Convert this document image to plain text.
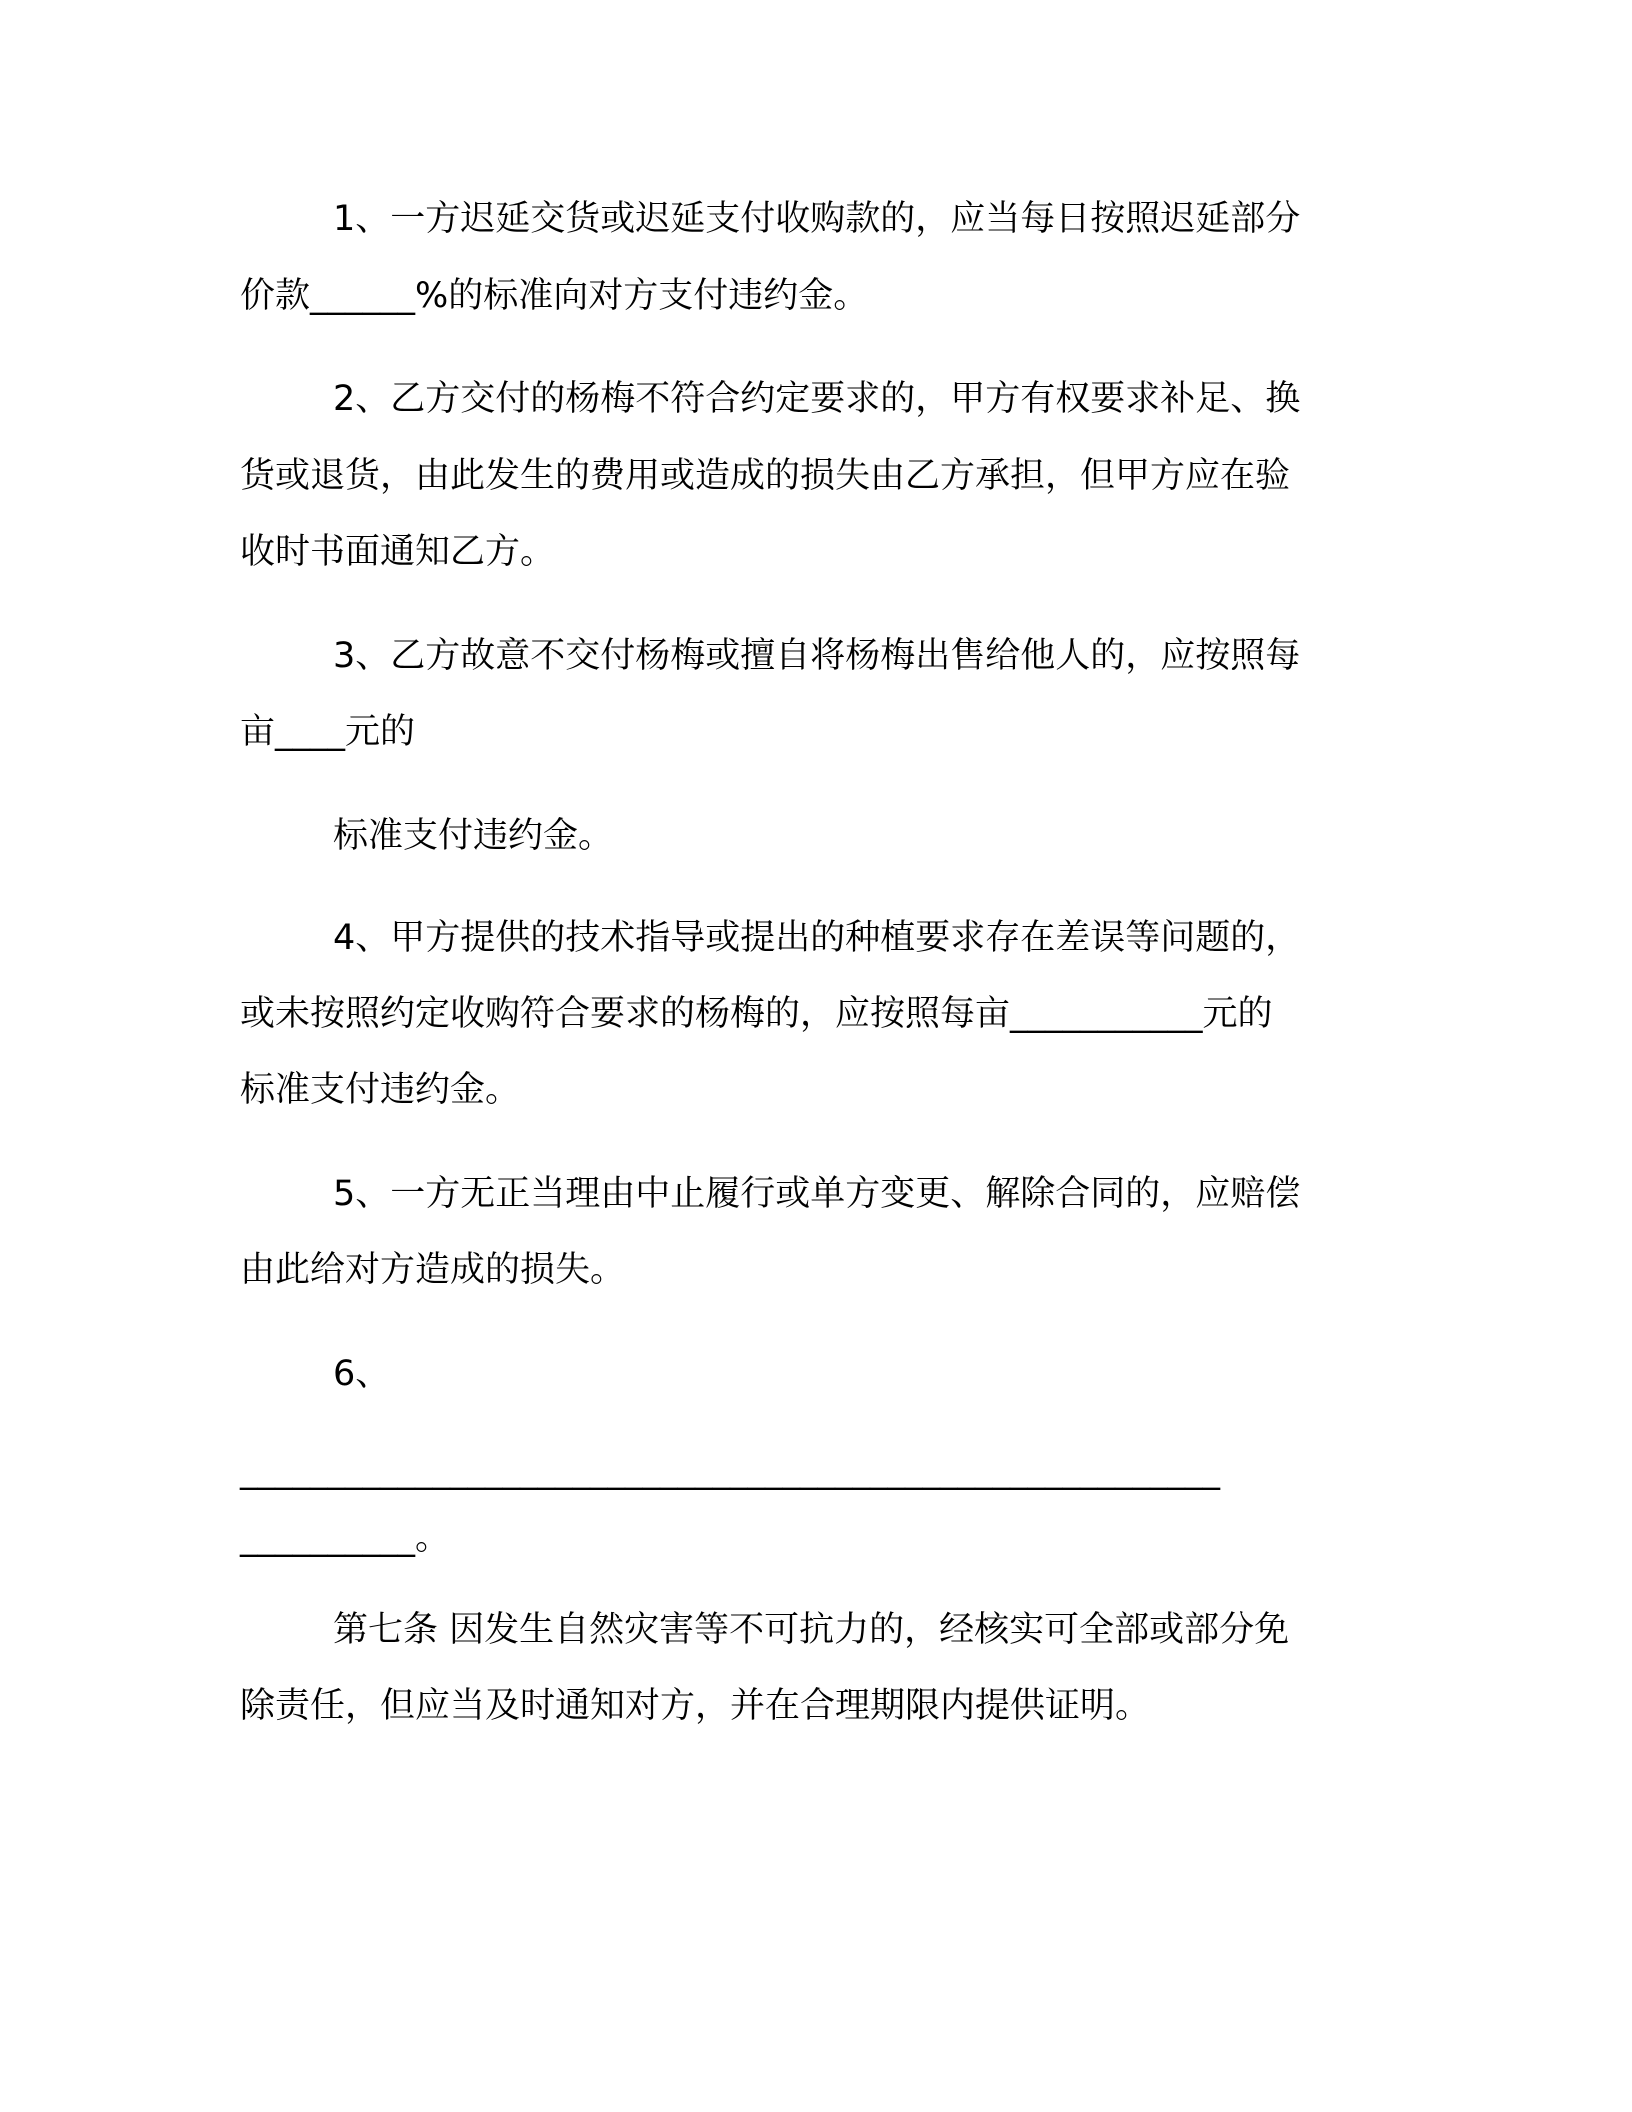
1、一方迟延交货或迟延支付收购款的，应当每日按照迟延部分

价款______%的标准向对方支付违约金。

2、乙方交付的杨梅不符合约定要求的，甲方有权要求补足、换

货或退货，由此发生的费用或造成的损失由乙方承担，但甲方应在验

收时书面通知乙方。

3、乙方故意不交付杨梅或擅自将杨梅出售给他人的，应按照每

亩____元的

标准支付违约金。

4、甲方提供的技术指导或提出的种植要求存在差误等问题的，

或未按照约定收购符合要求的杨梅的，应按照每亩___________元的

标准支付违约金。

5、一方无正当理由中止履行或单方变更、解除合同的，应赔偿

由此给对方造成的损失。

6、

________________________________________________________

__________。

第七条 因发生自然灾害等不可抗力的，经核实可全部或部分免

除责任，但应当及时通知对方，并在合理期限内提供证明。
